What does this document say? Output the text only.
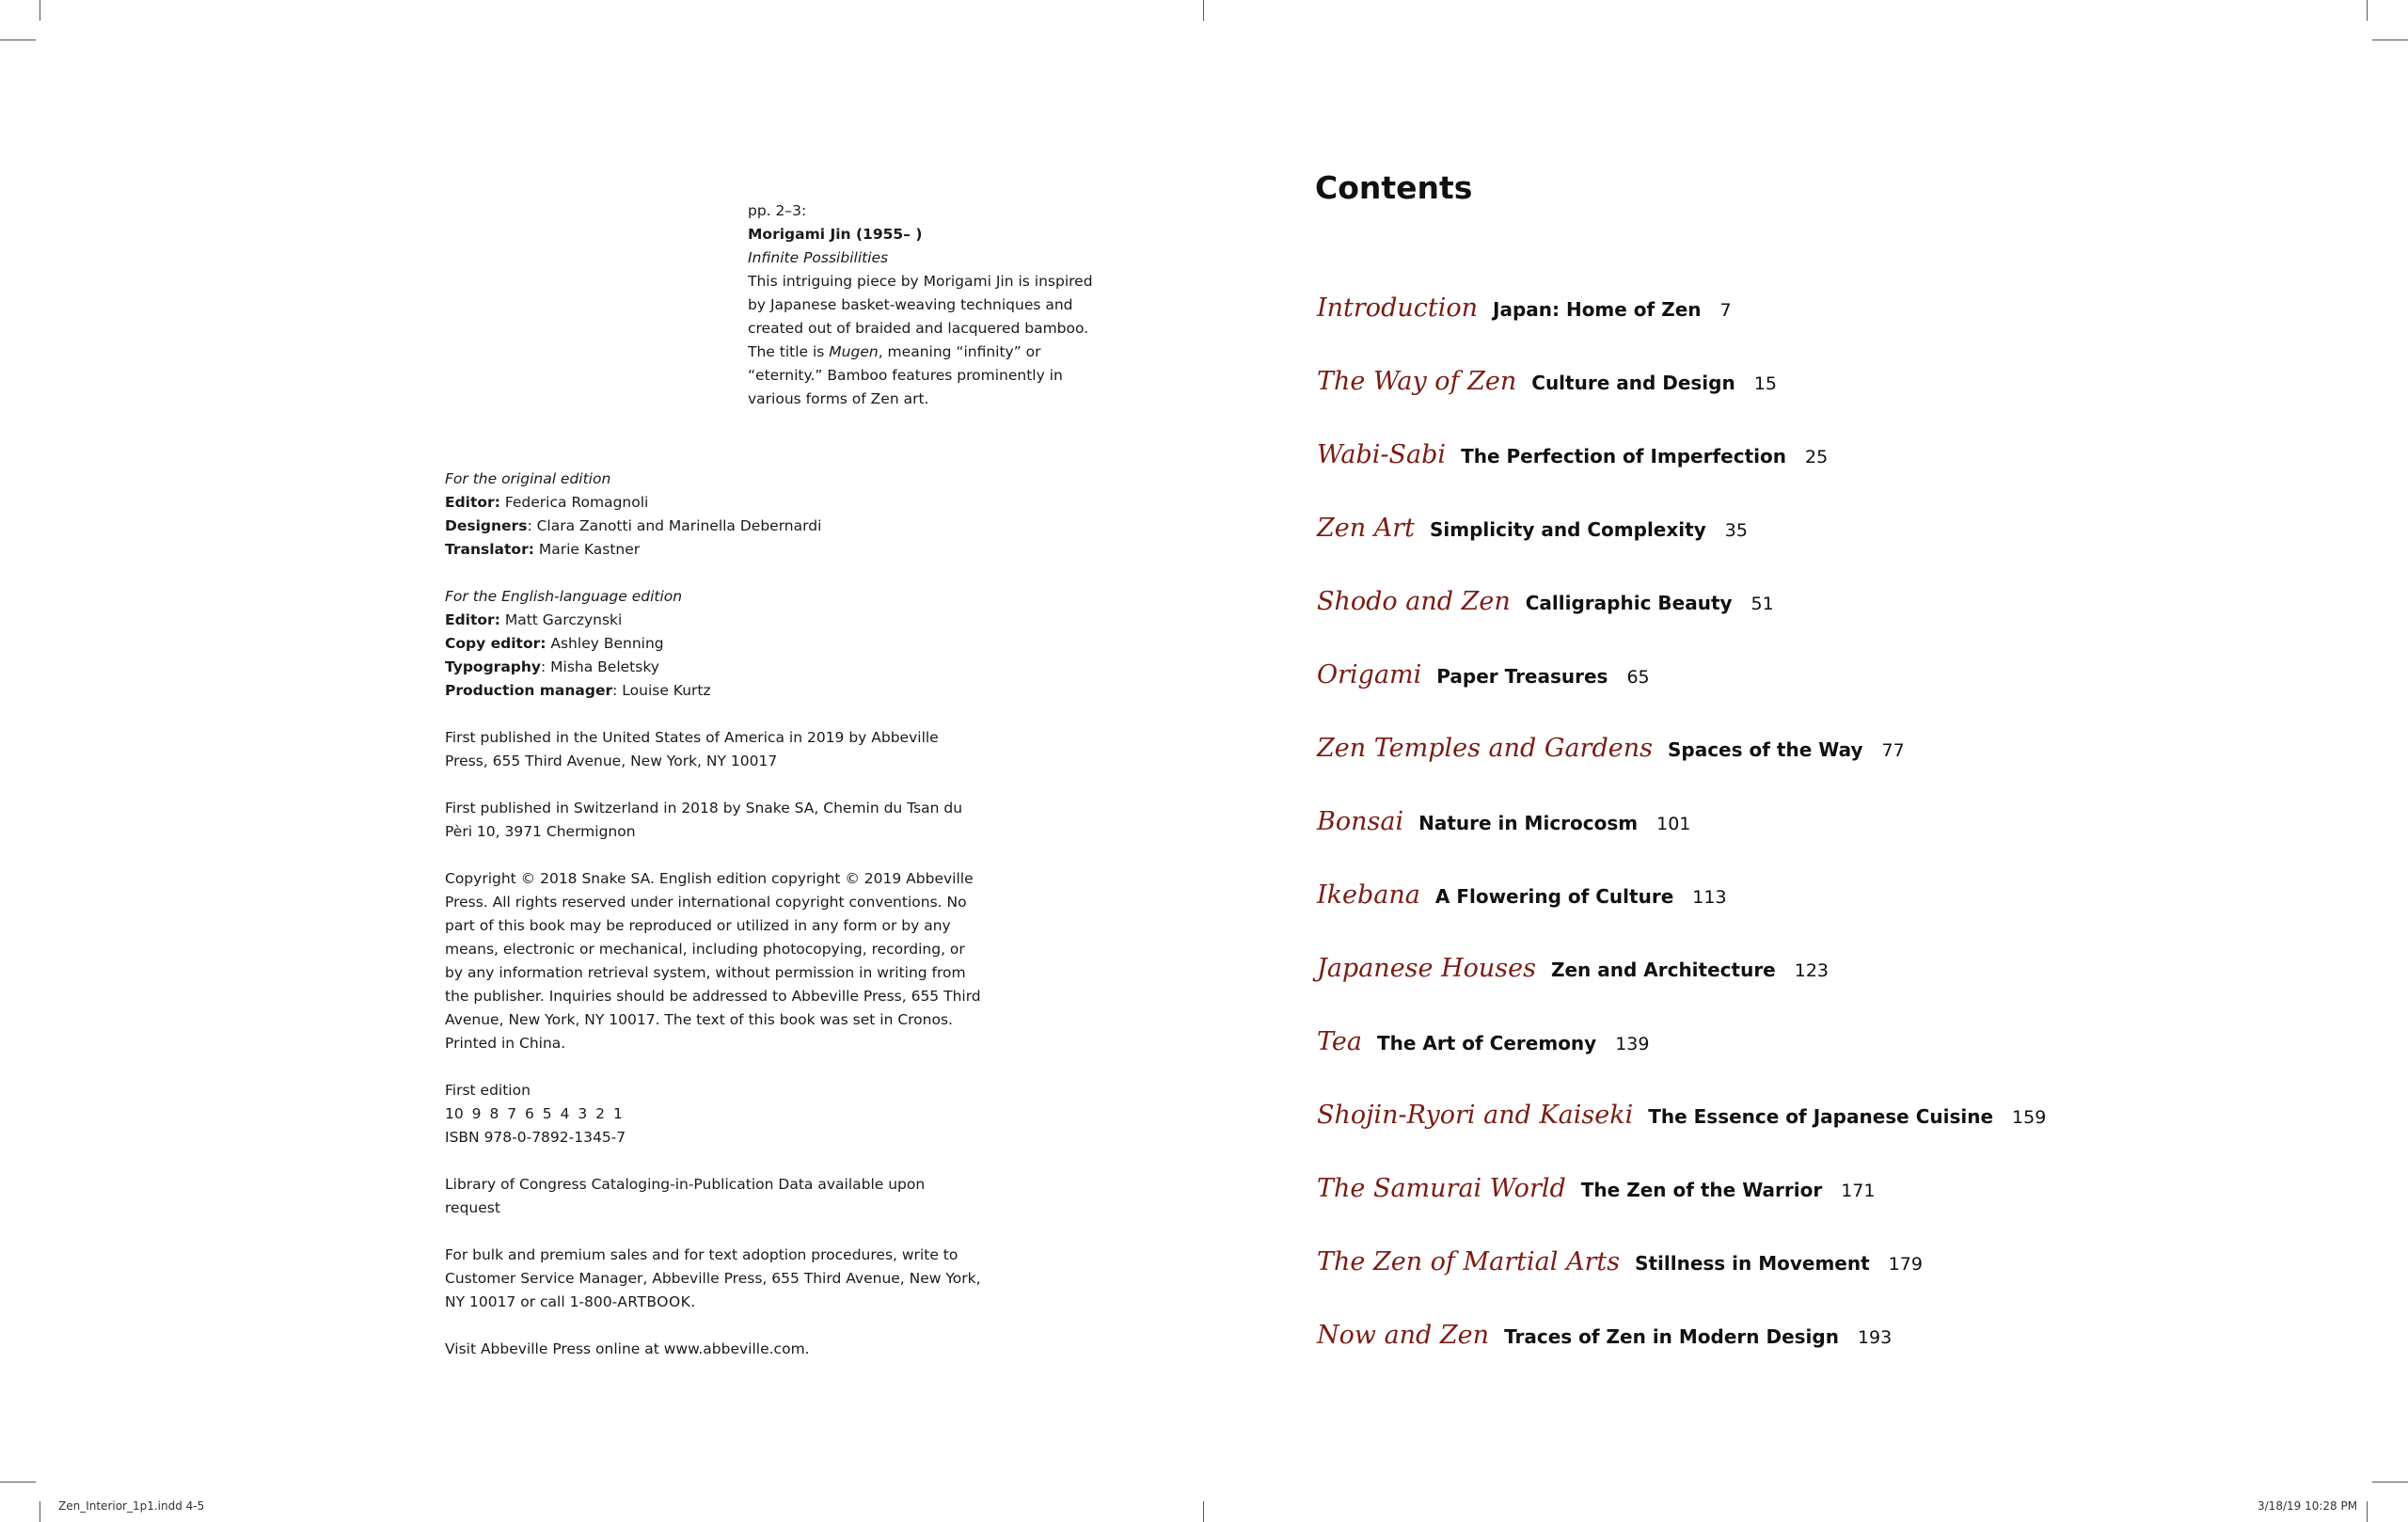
pp. 2–3:
Morigami Jin (1955– )
Infinite Possibilities
This intriguing piece by Morigami Jin is inspired
by Japanese basket-weaving techniques and
created out of braided and lacquered bamboo.
The title is Mugen, meaning “infinity” or
“eternity.” Bamboo features prominently in
various forms of Zen art.

For the original edition
Editor: Federica Romagnoli
Designers: Clara Zanotti and Marinella Debernardi
Translator: Marie Kastner

For the English-language edition
Editor: Matt Garczynski
Copy editor: Ashley Benning
Typography: Misha Beletsky
Production manager: Louise Kurtz

First published in the United States of America in 2019 by Abbeville
Press, 655 Third Avenue, New York, NY 10017

First published in Switzerland in 2018 by Snake SA, Chemin du Tsan du
Pèri 10, 3971 Chermignon

Copyright © 2018 Snake SA. English edition copyright © 2019 Abbeville
Press. All rights reserved under international copyright conventions. No
part of this book may be reproduced or utilized in any form or by any
means, electronic or mechanical, including photocopying, recording, or
by any information retrieval system, without permission in writing from
the publisher. Inquiries should be addressed to Abbeville Press, 655 Third
Avenue, New York, NY 10017. The text of this book was set in Cronos.
Printed in China.

First edition
10 9 8 7 6 5 4 3 2 1
ISBN 978-0-7892-1345-7

Library of Congress Cataloging-in-Publication Data available upon
request

For bulk and premium sales and for text adoption procedures, write to
Customer Service Manager, Abbeville Press, 655 Third Avenue, New York,
NY 10017 or call 1-800-ARTBOOK.

Visit Abbeville Press online at www.abbeville.com.

Contents
Introduction Japan: Home of Zen 7
The Way of Zen Culture and Design 15
Wabi-Sabi The Perfection of Imperfection 25
Zen Art Simplicity and Complexity 35
Shodo and Zen Calligraphic Beauty 51
Origami Paper Treasures 65
Zen Temples and Gardens Spaces of the Way 77
Bonsai Nature in Microcosm 101
Ikebana A Flowering of Culture 113
Japanese Houses Zen and Architecture 123
Tea The Art of Ceremony 139
Shojin-Ryori and Kaiseki The Essence of Japanese Cuisine 159
The Samurai World The Zen of the Warrior 171
The Zen of Martial Arts Stillness in Movement 179
Now and Zen Traces of Zen in Modern Design 193
Zen_Interior_1p1.indd 4-5	3/18/19 10:28 PM
